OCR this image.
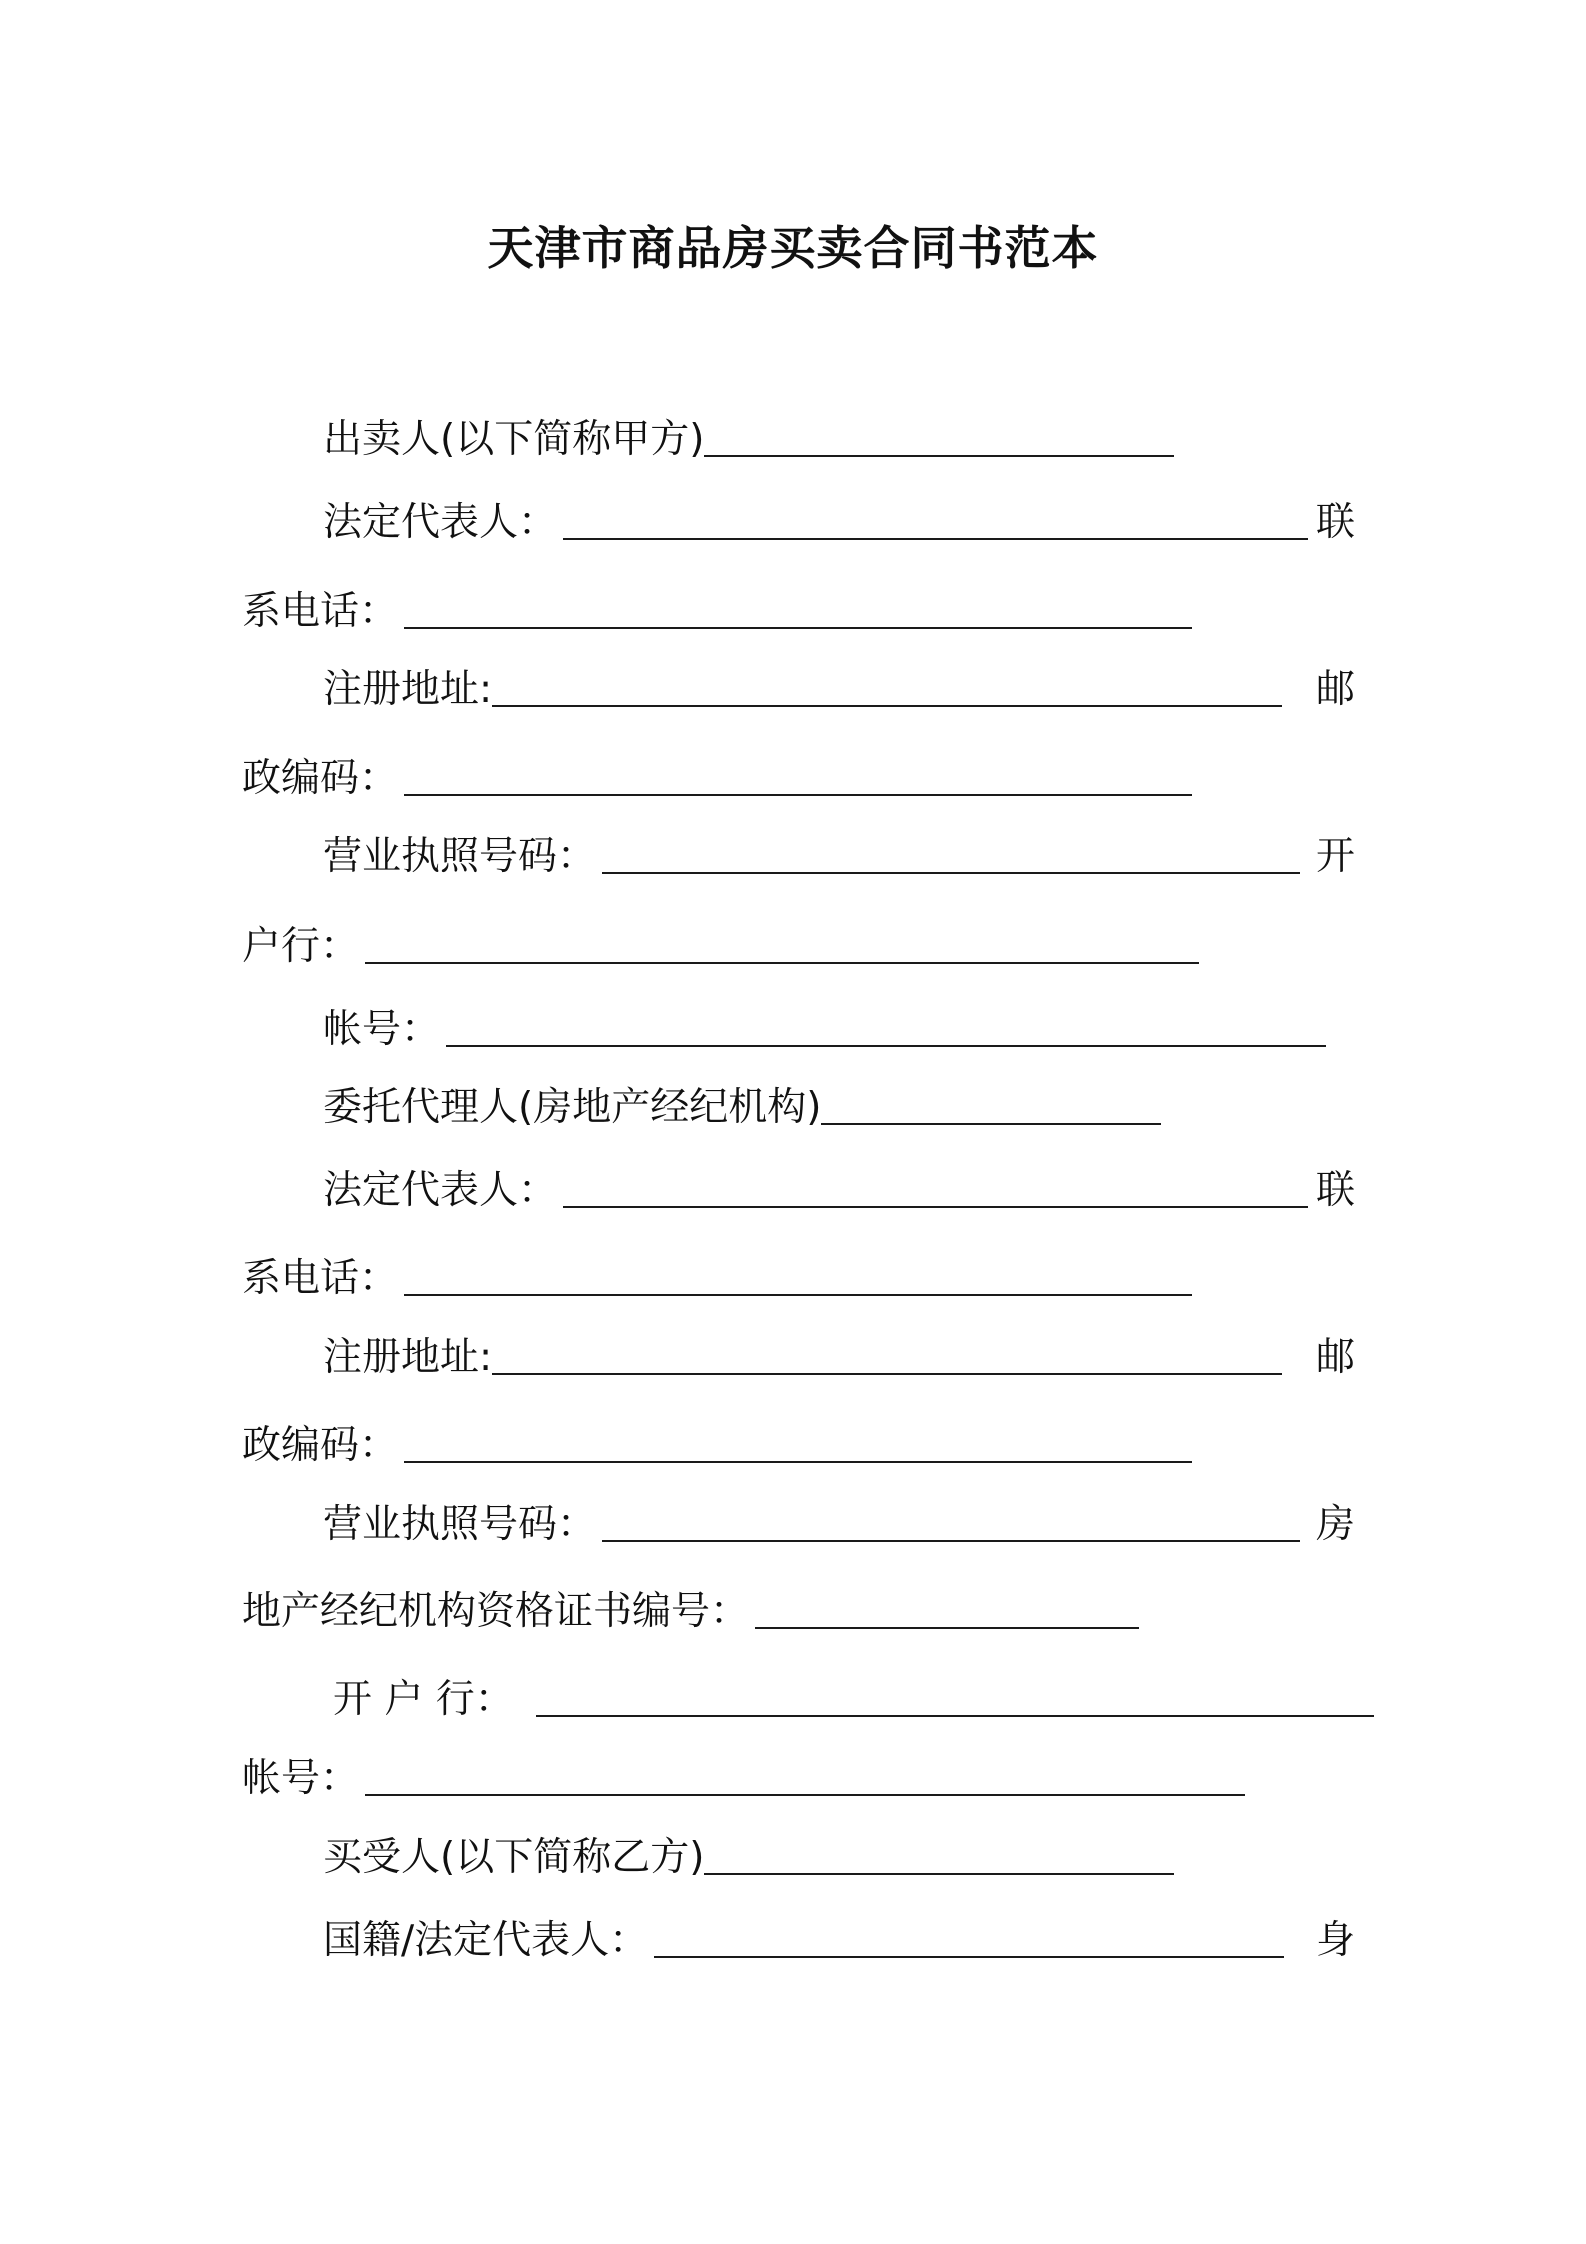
天津市商品房买卖合同书范本
出卖人(以下简称甲方)
法定代表人：	联
系电话：
注册地址:	邮
政编码：
营业执照号码：	开
户行：
帐号：
委托代理人(房地产经纪机构)
法定代表人：	联
系电话：
注册地址:	邮
政编码：
营业执照号码：	房
地产经纪机构资格证书编号：
开 户 行：
帐号：
买受人(以下简称乙方)
国籍/法定代表人：	身
